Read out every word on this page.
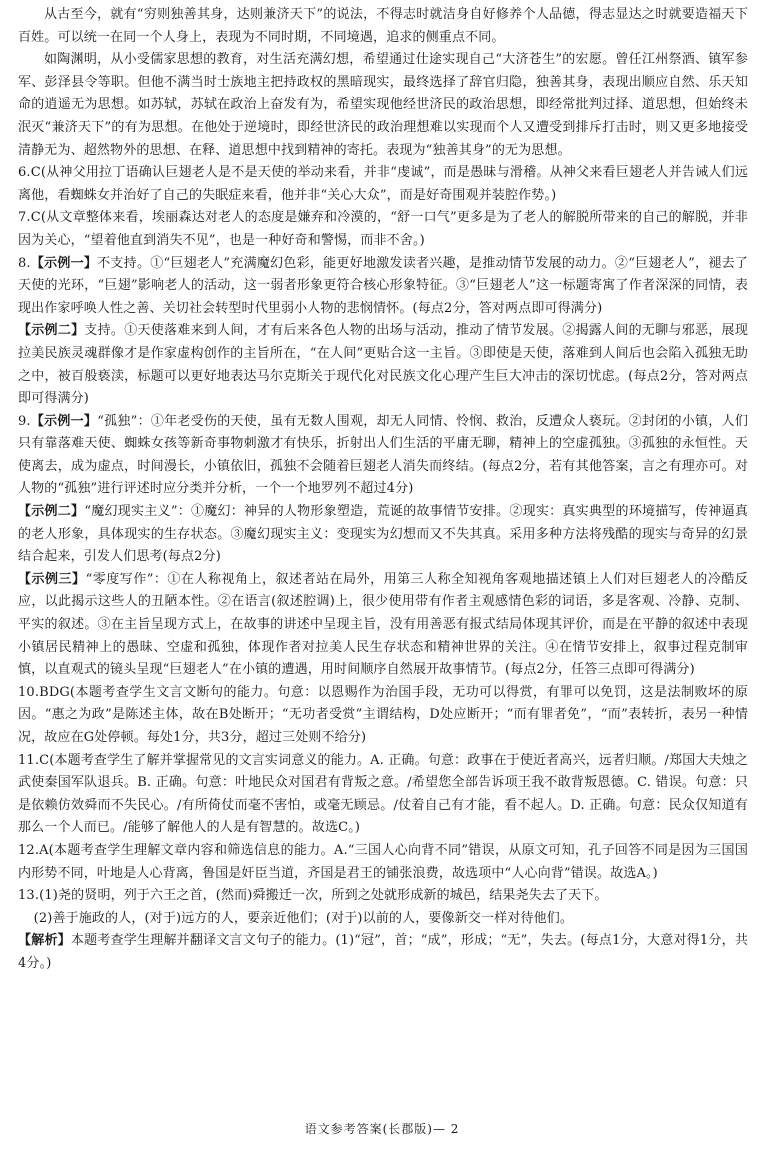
从古至今，就有“穷则独善其身，达则兼济天下”的说法，不得志时就洁身自好修养个人品德，得志显达之时就要造福天下百姓。可以统一在同一个人身上，表现为不同时期，不同境遇，追求的侧重点不同。

如陶渊明，从小受儒家思想的教育，对生活充满幻想，希望通过仕途实现自己“大济苍生”的宏愿。曾任江州祭酒、镇军参军、彭泽县令等职。但他不满当时士族地主把持政权的黑暗现实，最终选择了辞官归隐，独善其身，表现出顺应自然、乐天知命的逍遥无为思想。如苏轼，苏轼在政治上奋发有为，希望实现他经世济民的政治思想，即经常批判过择、道思想，但始终未泯灭“兼济天下”的有为思想。在他处于逆境时，即经世济民的政治理想难以实现而个人又遭受到排斥打击时，则又更多地接受清静无为、超然物外的思想、在释、道思想中找到精神的寄托。表现为“独善其身”的无为思想。

6.C(从神父用拉丁语确认巨翅老人是不是天使的举动来看，并非“虔诚”，而是愚昧与滑稽。从神父来看巨翅老人并告诫人们远离他，看蜘蛛女并治好了自己的失眠症来看，他并非“关心大众”，而是好奇围观并装腔作势。)

7.C(从文章整体来看，埃丽森达对老人的态度是嫌弃和冷漠的，“舒一口气”更多是为了老人的解脱所带来的自己的解脱，并非因为关心，“望着他直到消失不见”，也是一种好奇和警惕，而非不舍。)

8.【示例一】不支持。①“巨翅老人”充满魔幻色彩，能更好地激发读者兴趣，是推动情节发展的动力。②“巨翅老人”，褪去了天使的光环，“巨翅”影响老人的活动，这一弱者形象更符合核心形象特征。③“巨翅老人”这一标题寄寓了作者深深的同情，表现出作家呼唤人性之善、关切社会转型时代里弱小人物的悲悯情怀。(每点2分，答对两点即可得满分)

【示例二】支持。①天使落难来到人间，才有后来各色人物的出场与活动，推动了情节发展。②揭露人间的无聊与邪恶，展现拉美民族灵魂群像才是作家虚构创作的主旨所在，“在人间”更贴合这一主旨。③即使是天使，落难到人间后也会陷入孤独无助之中，被百般亵渎，标题可以更好地表达马尔克斯关于现代化对民族文化心理产生巨大冲击的深切忧虑。(每点2分，答对两点即可得满分)

9.【示例一】“孤独”：①年老受伤的天使，虽有无数人围观，却无人同情、怜悯、救治，反遭众人亵玩。②封闭的小镇，人们只有靠落难天使、蜘蛛女孩等新奇事物刺激才有快乐，折射出人们生活的平庸无聊，精神上的空虚孤独。③孤独的永恒性。天使离去，成为虚点，时间漫长，小镇依旧，孤独不会随着巨翅老人消失而终结。(每点2分，若有其他答案，言之有理亦可。对人物的“孤独”进行评述时应分类并分析，一个一个地罗列不超过4分)

【示例二】“魔幻现实主义”：①魔幻：神异的人物形象塑造，荒诞的故事情节安排。②现实：真实典型的环境描写，传神逼真的老人形象，具体现实的生存状态。③魔幻现实主义：变现实为幻想而又不失其真。采用多种方法将残酷的现实与奇异的幻景结合起来，引发人们思考(每点2分)

【示例三】“零度写作”：①在人称视角上，叙述者站在局外，用第三人称全知视角客观地描述镇上人们对巨翅老人的冷酷反应，以此揭示这些人的丑陋本性。②在语言(叙述腔调)上，很少使用带有作者主观感情色彩的词语，多是客观、冷静、克制、平实的叙述。③在主旨呈现方式上，在故事的讲述中呈现主旨，没有用善恶有报式结局体现其评价，而是在平静的叙述中表现小镇居民精神上的愚昧、空虚和孤独，体现作者对拉美人民生存状态和精神世界的关注。④在情节安排上，叙事过程克制审慎，以直观式的镜头呈现“巨翅老人”在小镇的遭遇，用时间顺序自然展开故事情节。(每点2分，任答三点即可得满分)

10.BDG(本题考查学生文言文断句的能力。句意：以恩赐作为治国手段，无功可以得赏，有罪可以免罚，这是法制败坏的原因。“惠之为政”是陈述主体，故在B处断开；“无功者受赏”主谓结构，D处应断开；“而有罪者免”，“而”表转折，表另一种情况，故应在G处停顿。每处1分，共3分，超过三处则不给分)

11.C(本题考查学生了解并掌握常见的文言实词意义的能力。A. 正确。句意：政事在于使近者高兴，远者归顺。/郑国大夫烛之武使秦国军队退兵。B. 正确。句意：叶地民众对国君有背叛之意。/希望您全部告诉项王我不敢背叛恩德。C. 错误。句意：只是依赖仿效舜而不失民心。/有所倚仗而毫不害怕，或毫无顾忌。/仗着自己有才能，看不起人。D. 正确。句意：民众仅知道有那么一个人而已。/能够了解他人的人是有智慧的。故选C。)

12.A(本题考查学生理解文章内容和筛选信息的能力。A.“三国人心向背不同”错误，从原文可知，孔子回答不同是因为三国国内形势不同，叶地是人心背离，鲁国是奸臣当道，齐国是君王的铺张浪费，故选项中“人心向背”错误。故选A。)

13.(1)尧的贤明，列于六王之首，(然而)舜搬迁一次，所到之处就形成新的城邑，结果尧失去了天下。

(2)善于施政的人，(对于)远方的人，要亲近他们；(对于)以前的人，要像新交一样对待他们。

【解析】本题考查学生理解并翻译文言文句子的能力。(1)“冠”，首；“成”，形成；“无”，失去。(每点1分，大意对得1分，共4分。)

语文参考答案(长郡版)— 2
